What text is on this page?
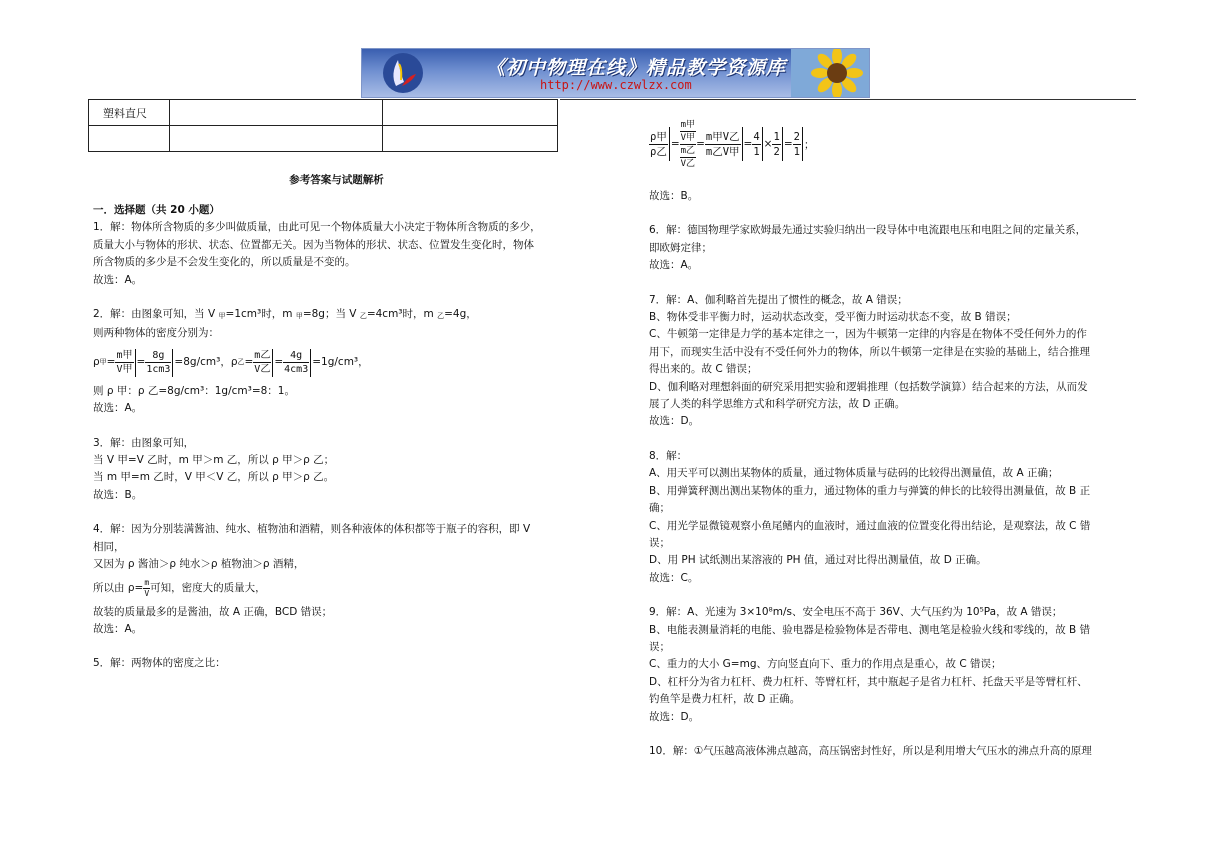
《初中物理在线》精品教学资源库
http://www.czwlzx.com
塑料直尺		

参考答案与试题解析

一．选择题（共 20 小题）

1．解：物体所含物质的多少叫做质量，由此可见一个物体质量大小决定于物体所含物质的多少，

质量大小与物体的形状、状态、位置都无关。因为当物体的形状、状态、位置发生变化时，物体

所含物质的多少是不会发生变化的，所以质量是不变的。

故选：A。

2．解：由图象可知，当 V $_甲$=1cm³时，m $_甲$=8g；当 V $_乙$=4cm³时，m $_乙$=4g，

则两种物体的密度分别为：

ρ 甲 = $\frac{\text{m甲}}{\text{V甲}} = \frac{8g}{1cm3} =8g/cm^3$，ρ 乙 = $\frac{\text{m乙}}{\text{V乙}} = \frac{4g}{4cm3} =1g/cm^3$，

则 ρ 甲：ρ 乙=8g/cm³：1g/cm³=8：1。

故选：A。

3．解：由图象可知，

当 V 甲=V 乙时，m 甲＞m 乙，所以 ρ 甲＞ρ 乙；

当 m 甲=m 乙时，V 甲＜V 乙，所以 ρ 甲＞ρ 乙。

故选：B。

4．解：因为分别装满酱油、纯水、植物油和酒精，则各种液体的体积都等于瓶子的容积，即 V

相同，

又因为 ρ 酱油＞ρ 纯水＞ρ 植物油＞ρ 酒精，

所以由 $\rho= \frac{m}{V}$ 可知，密度大的质量大，

故装的质量最多的是酱油，故 A 正确，BCD 错误；

故选：A。

5．解：两物体的密度之比：

$\frac{\text{ρ甲}}{\text{ρ乙}} = \frac{\frac{\text{m甲}}{\text{V甲}}}{\frac{\text{m乙}}{\text{V乙}}} = \frac{\text{m甲V乙}}{\text{m乙V甲}} = \frac{4}{1} \times \frac{1}{2} = \frac{2}{1}$ ；

故选：B。

6．解：德国物理学家欧姆最先通过实验归纳出一段导体中电流跟电压和电阻之间的定量关系，

即欧姆定律；

故选：A。

7．解：A、伽利略首先提出了惯性的概念，故 A 错误；

B、物体受非平衡力时，运动状态改变，受平衡力时运动状态不变，故 B 错误；

C、牛顿第一定律是力学的基本定律之一，因为牛顿第一定律的内容是在物体不受任何外力的作

用下，而现实生活中没有不受任何外力的物体，所以牛顿第一定律是在实验的基础上，结合推理

得出来的。故 C 错误；

D、伽利略对理想斜面的研究采用把实验和逻辑推理（包括数学演算）结合起来的方法，从而发

展了人类的科学思维方式和科学研究方法，故 D 正确。

故选：D。

8．解：

A、用天平可以测出某物体的质量，通过物体质量与砝码的比较得出测量值，故 A 正确；

B、用弹簧秤测出测出某物体的重力，通过物体的重力与弹簧的伸长的比较得出测量值，故 B 正

确；

C、用光学显微镜观察小鱼尾鳍内的血液时，通过血液的位置变化得出结论，是观察法，故 C 错

误；

D、用 PH 试纸测出某溶液的 PH 值，通过对比得出测量值，故 D 正确。

故选：C。

9．解：A、光速为 3×10⁸m/s、安全电压不高于 36V、大气压约为 10⁵Pa，故 A 错误；

B、电能表测量消耗的电能、验电器是检验物体是否带电、测电笔是检验火线和零线的，故 B 错

误；

C、重力的大小 G=mg、方向竖直向下、重力的作用点是重心，故 C 错误；

D、杠杆分为省力杠杆、费力杠杆、等臂杠杆，其中瓶起子是省力杠杆、托盘天平是等臂杠杆、

钓鱼竿是费力杠杆，故 D 正确。

故选：D。

10．解：①气压越高液体沸点越高，高压锅密封性好，所以是利用增大气压水的沸点升高的原理
